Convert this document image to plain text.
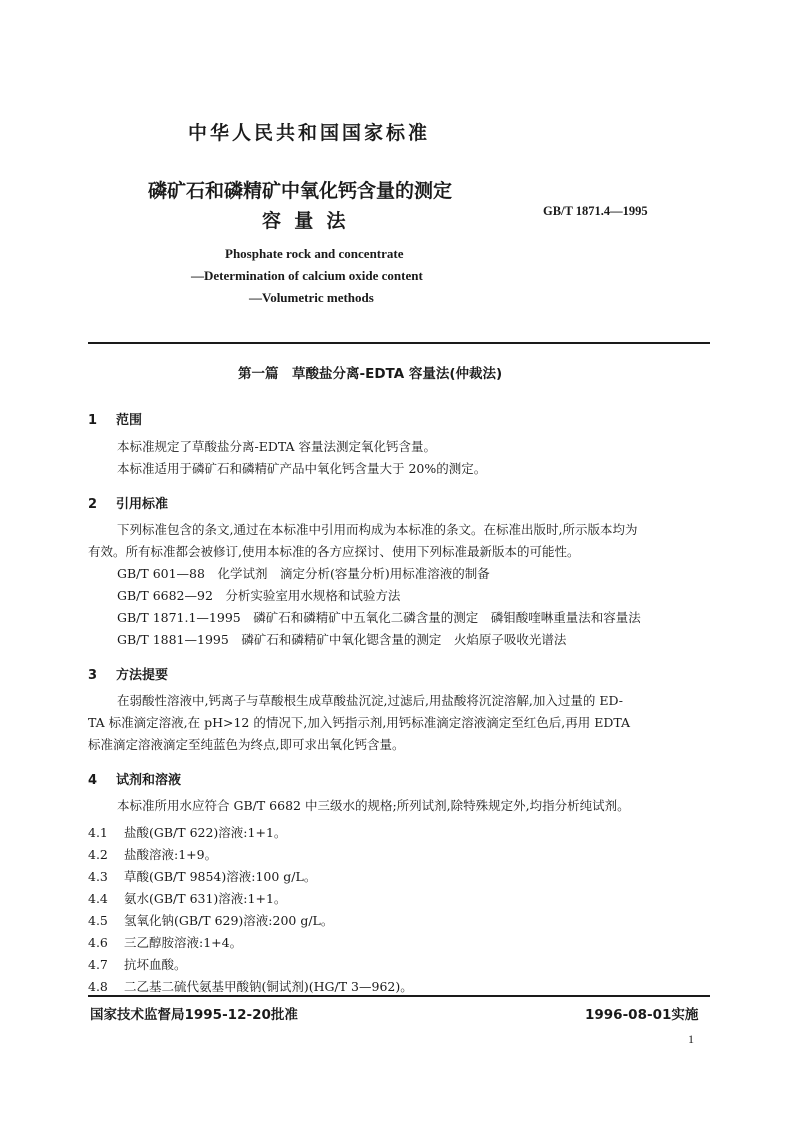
中华人民共和国国家标准
磷矿石和磷精矿中氧化钙含量的测定
容  量  法	GB/T 1871.4—1995
Phosphate rock and concentrate
—Determination of calcium oxide content
—Volumetric methods
第一篇　草酸盐分离-EDTA 容量法(仲裁法)
1 范围
本标准规定了草酸盐分离-EDTA 容量法测定氧化钙含量。
本标准适用于磷矿石和磷精矿产品中氧化钙含量大于 20%的测定。
2 引用标准
下列标准包含的条文,通过在本标准中引用而构成为本标准的条文。在标准出版时,所示版本均为
有效。所有标准都会被修订,使用本标准的各方应探讨、使用下列标准最新版本的可能性。
GB/T 601—88　化学试剂　滴定分析(容量分析)用标准溶液的制备
GB/T 6682—92　分析实验室用水规格和试验方法
GB/T 1871.1—1995　磷矿石和磷精矿中五氧化二磷含量的测定　磷钼酸喹啉重量法和容量法
GB/T 1881—1995　磷矿石和磷精矿中氧化锶含量的测定　火焰原子吸收光谱法
3 方法提要
在弱酸性溶液中,钙离子与草酸根生成草酸盐沉淀,过滤后,用盐酸将沉淀溶解,加入过量的 ED-
TA 标准滴定溶液,在 pH>12 的情况下,加入钙指示剂,用钙标准滴定溶液滴定至红色后,再用 EDTA
标准滴定溶液滴定至纯蓝色为终点,即可求出氧化钙含量。
4 试剂和溶液
本标准所用水应符合 GB/T 6682 中三级水的规格;所列试剂,除特殊规定外,均指分析纯试剂。
4.1 盐酸(GB/T 622)溶液:1+1。
4.2 盐酸溶液:1+9。
4.3 草酸(GB/T 9854)溶液:100 g/L。
4.4 氨水(GB/T 631)溶液:1+1。
4.5 氢氧化钠(GB/T 629)溶液:200 g/L。
4.6 三乙醇胺溶液:1+4。
4.7 抗坏血酸。
4.8 二乙基二硫代氨基甲酸钠(铜试剂)(HG/T 3—962)。
国家技术监督局1995-12-20批准	1996-08-01实施
1
